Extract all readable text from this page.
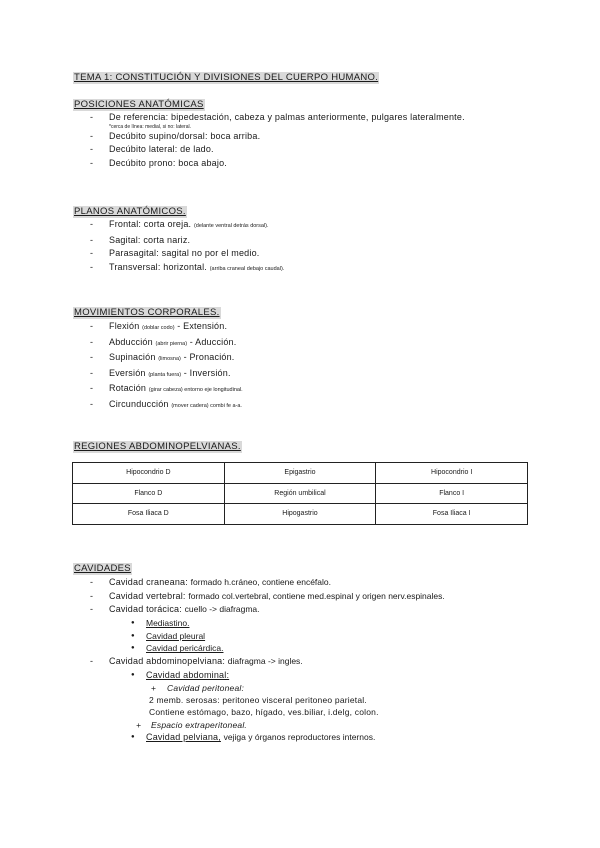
TEMA 1: CONSTITUCIÓN Y DIVISIONES DEL CUERPO HUMANO.
POSICIONES ANATÓMICAS
- De referencia: bipedestación, cabeza y palmas anteriormente, pulgares lateralmente.
*cerca de línea: medial, si no: lateral.
- Decúbito supino/dorsal: boca arriba.
- Decúbito lateral: de lado.
- Decúbito prono: boca abajo.
PLANOS ANATÓMICOS.
- Frontal: corta oreja. (delante ventral detrás dorsal).
- Sagital: corta nariz.
- Parasagital: sagital no por el medio.
- Transversal: horizontal. (arriba craneal debajo caudal).
MOVIMIENTOS CORPORALES.
- Flexión (doblar codo) - Extensión.
- Abducción (abrir pierna) - Aducción.
- Supinación (limosna) - Pronación.
- Eversión (planta fuera) - Inversión.
- Rotación (girar cabeza) entorno eje longitudinal.
- Circunducción (mover cadera) combi fe a-a.
REGIONES ABDOMINOPELVIANAS.
Hipocondrio D	Epigastrio	Hipocondrio I
Flanco D	Región umbilical	Flanco I
Fosa Iliaca D	Hipogastrio	Fosa Iliaca I
CAVIDADES
- Cavidad craneana: formado h.cráneo, contiene encéfalo.
- Cavidad vertebral: formado col.vertebral, contiene med.espinal y origen nerv.espinales.
- Cavidad torácica: cuello -> diafragma.
● Mediastino.
● Cavidad pleural
● Cavidad pericárdica.
- Cavidad abdominopelviana: diafragma -> ingles.
● Cavidad abdominal:
+ Cavidad peritoneal:
2 memb. serosas: peritoneo visceral peritoneo parietal.
Contiene estómago, bazo, hígado, ves.biliar, i.delg, colon.
+ Espacio extraperitoneal.
● Cavidad pelviana, vejiga y órganos reproductores internos.
